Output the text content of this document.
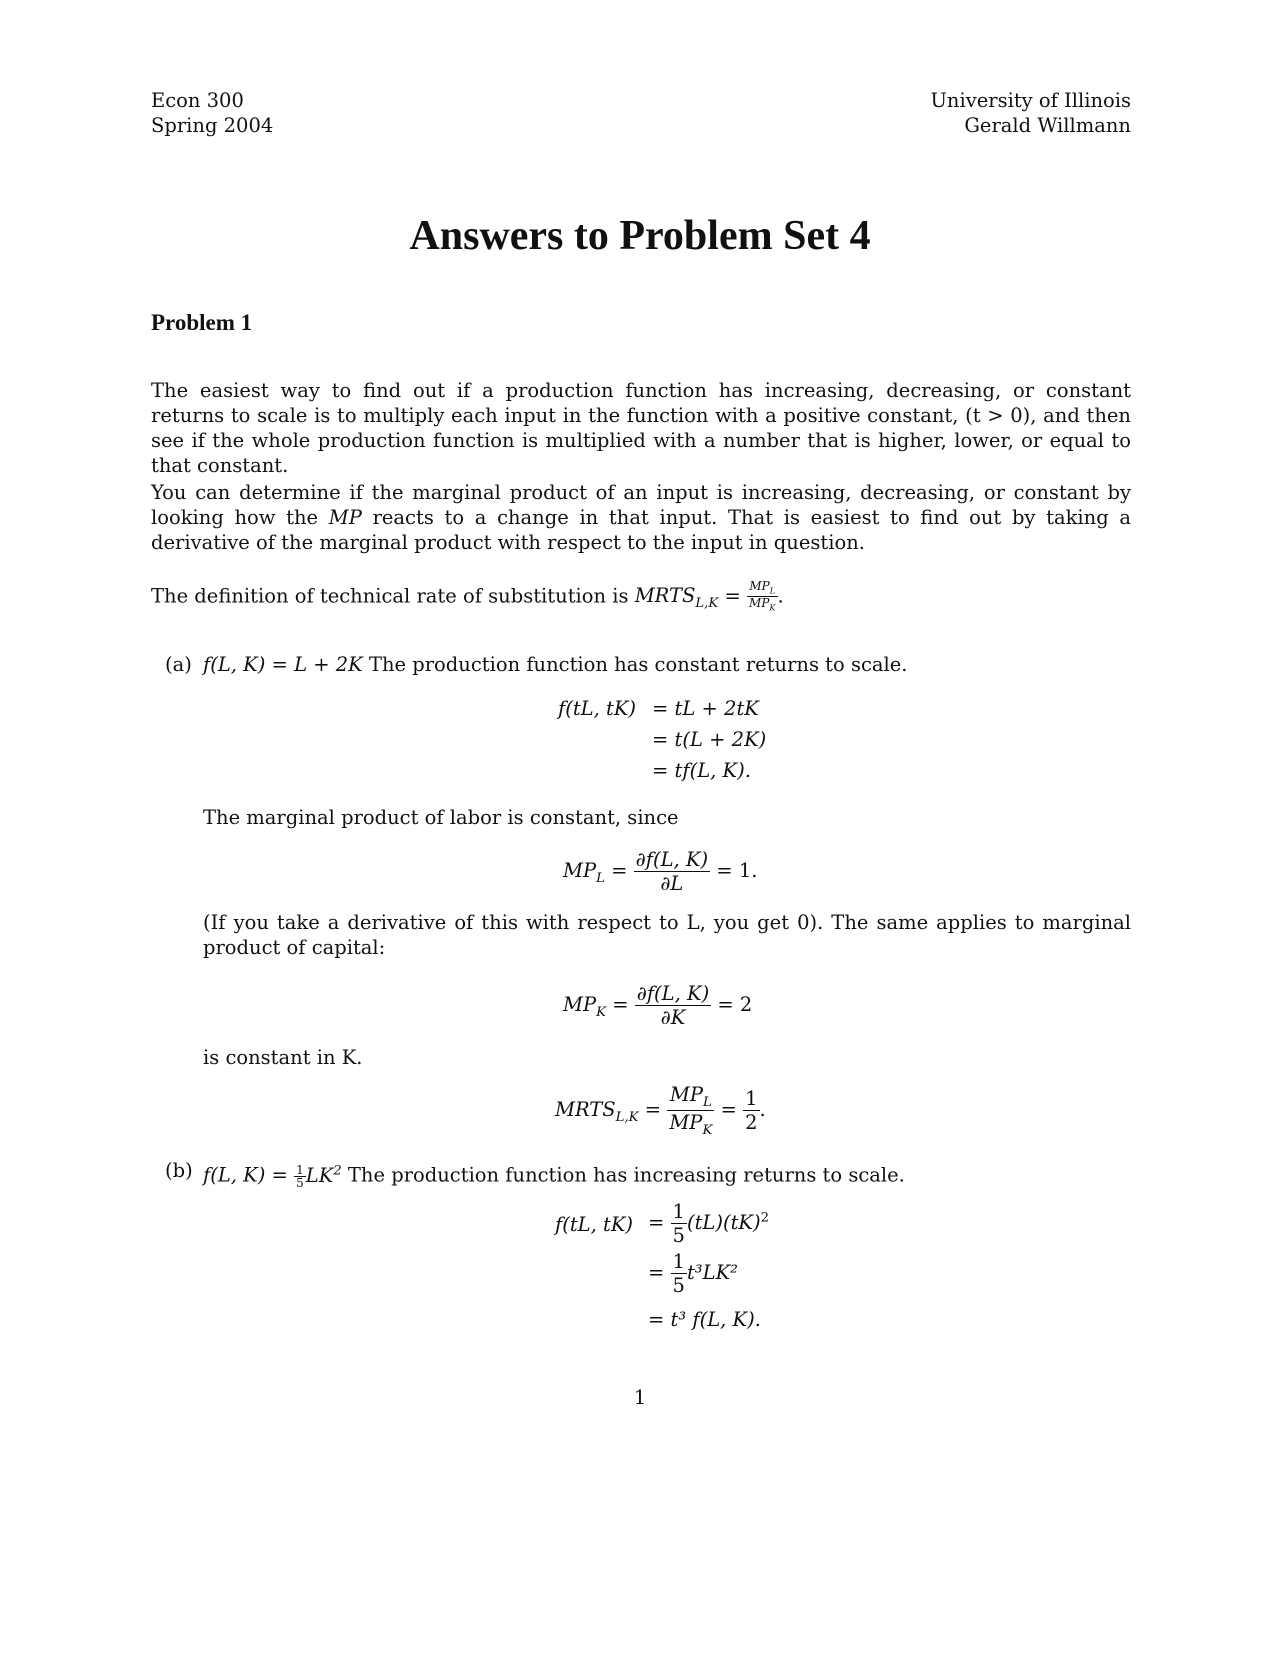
Econ 300
Spring 2004
University of Illinois
Gerald Willmann
Answers to Problem Set 4
Problem 1
The easiest way to find out if a production function has increasing, decreasing, or constant returns to scale is to multiply each input in the function with a positive constant, (t > 0), and then see if the whole production function is multiplied with a number that is higher, lower, or equal to that constant.
You can determine if the marginal product of an input is increasing, decreasing, or constant by looking how the MP reacts to a change in that input. That is easiest to find out by taking a derivative of the marginal product with respect to the input in question.
The definition of technical rate of substitution is $MRTS_{L,K} = \frac{MP_L}{MP_K}$ .
(a) f(L, K) = L + 2K The production function has constant returns to scale.
f(tL, tK) = tL + 2tK
= t(L + 2K)
= tf(L, K).
The marginal product of labor is constant, since
$MP_L = \frac{\partial f(L, K)}{\partial L} = 1$.
(If you take a derivative of this with respect to L, you get 0). The same applies to marginal product of capital:
$MP_K = \frac{\partial f(L, K)}{\partial K} = 2$
is constant in K.
$MRTS_{L,K} = \frac{MP_L}{MP_K} = \frac{1}{2}$ .
(b) f(L, $K) = \frac{1}{5} LK^2$ The production function has increasing returns to scale.
f(tL, $tK) = \frac{1}{5} (tL)(tK)^2$
= $\frac{1}{5} t^3LK^2$
= t³ f(L, K).
1
